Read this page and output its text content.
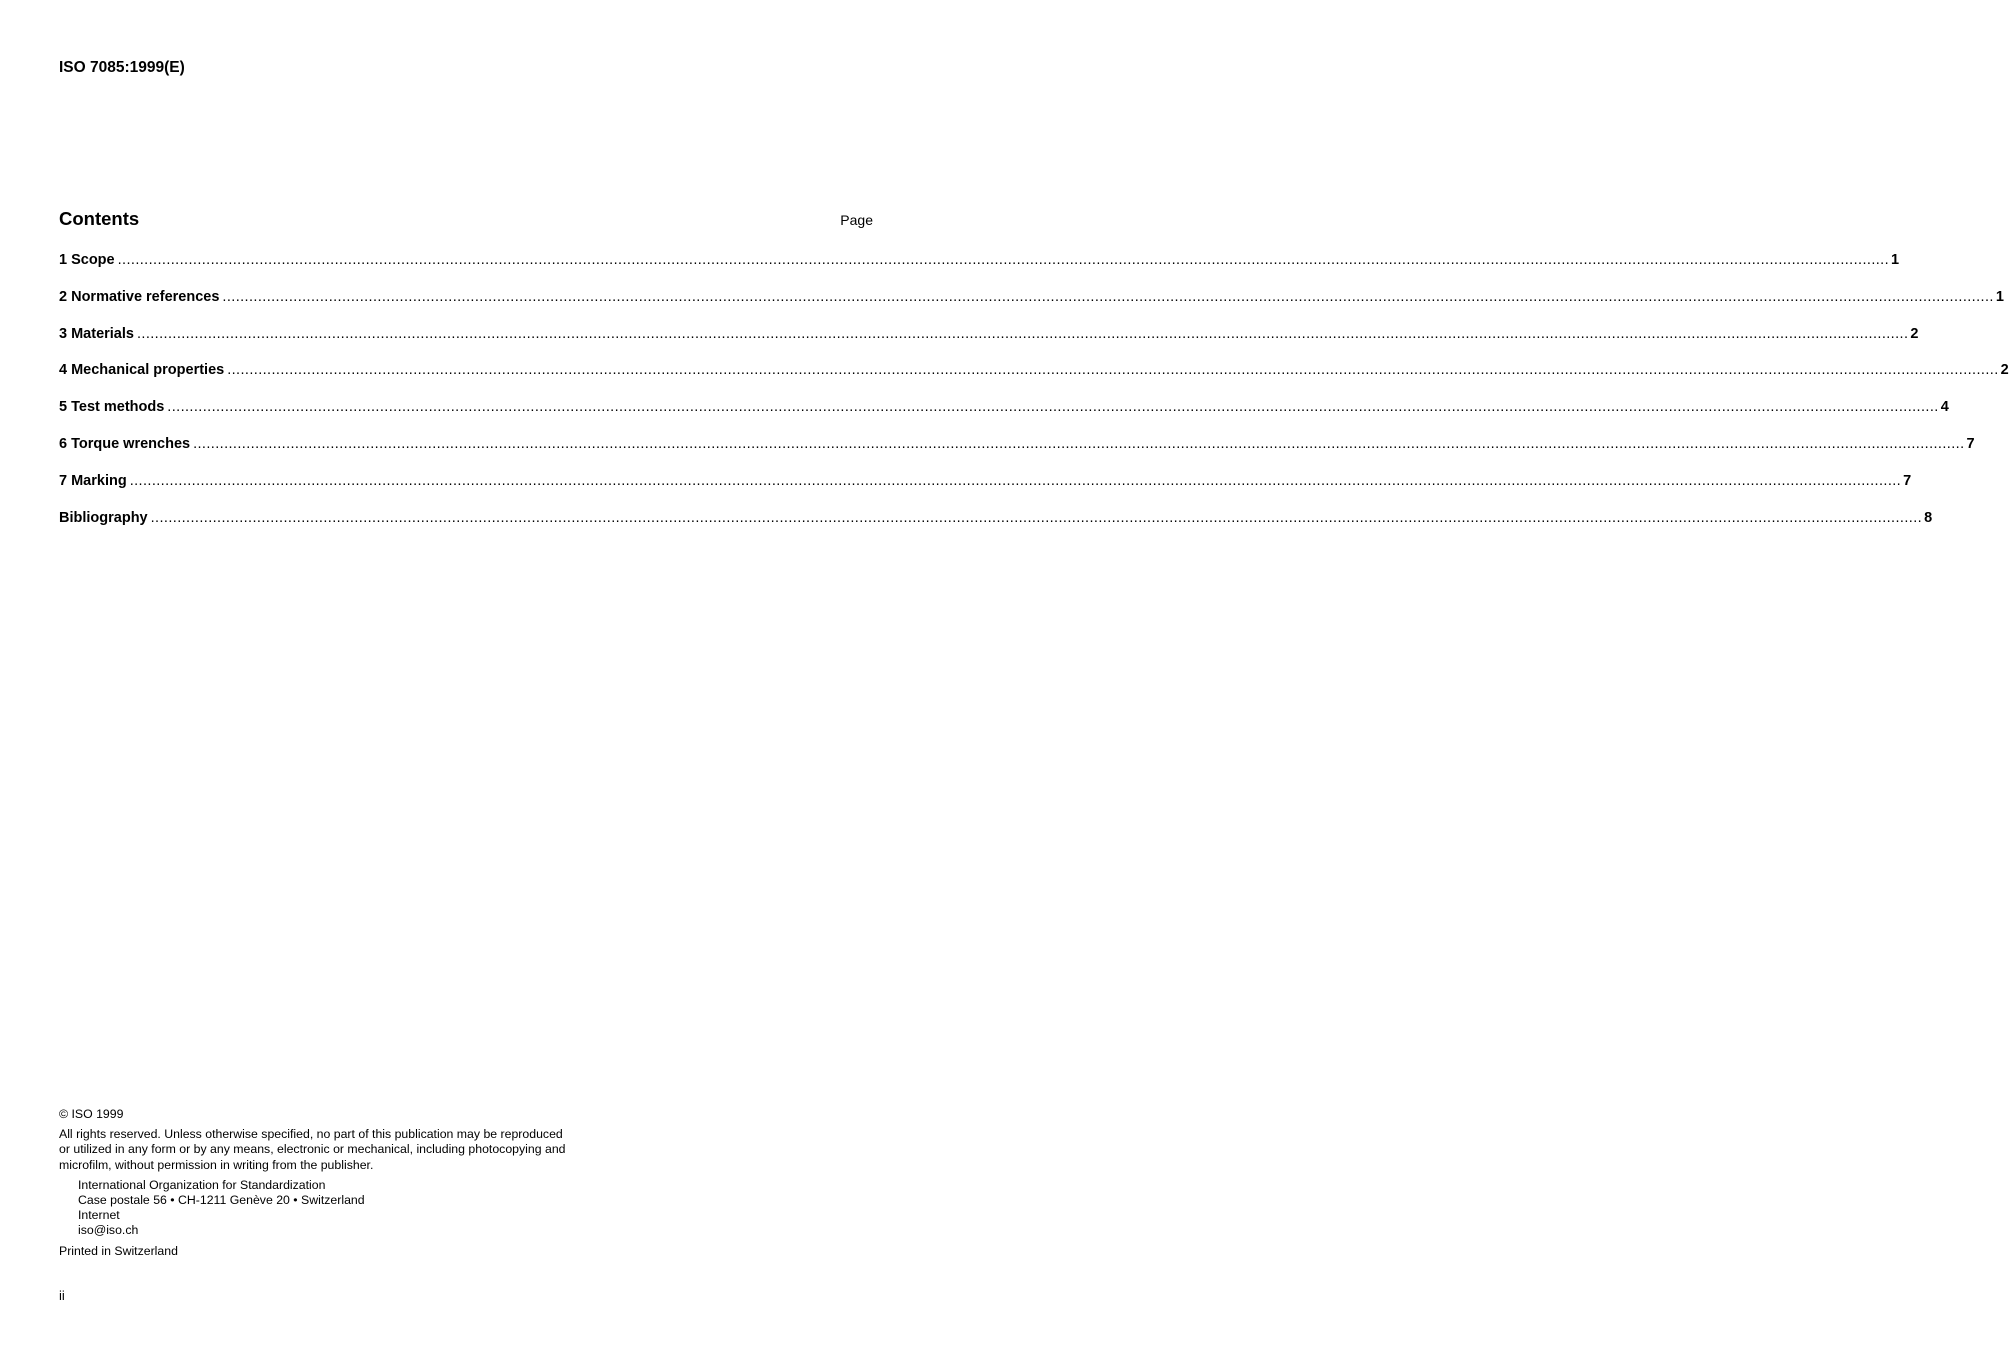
ISO 7085:1999(E)
Contents	Page
1 Scope ................................................................................................................................................................................................................................................................................................................................................................................................................ 1
2 Normative references ................................................................................................................................................................................................................................................................................................................................................................................................................ 1
3 Materials ................................................................................................................................................................................................................................................................................................................................................................................................................ 2
4 Mechanical properties ................................................................................................................................................................................................................................................................................................................................................................................................................ 2
5 Test methods ................................................................................................................................................................................................................................................................................................................................................................................................................ 4
6 Torque wrenches ................................................................................................................................................................................................................................................................................................................................................................................................................ 7
7 Marking ................................................................................................................................................................................................................................................................................................................................................................................................................ 7
Bibliography ................................................................................................................................................................................................................................................................................................................................................................................................................ 8

© ISO 1999

All rights reserved. Unless otherwise specified, no part of this publication may be reproduced
or utilized in any form or by any means, electronic or mechanical, including photocopying and
microfilm, without permission in writing from the publisher.

International Organization for Standardization
Case postale 56 • CH-1211 Genève 20 • Switzerland
Internet
iso@iso.ch

Printed in Switzerland

ii
